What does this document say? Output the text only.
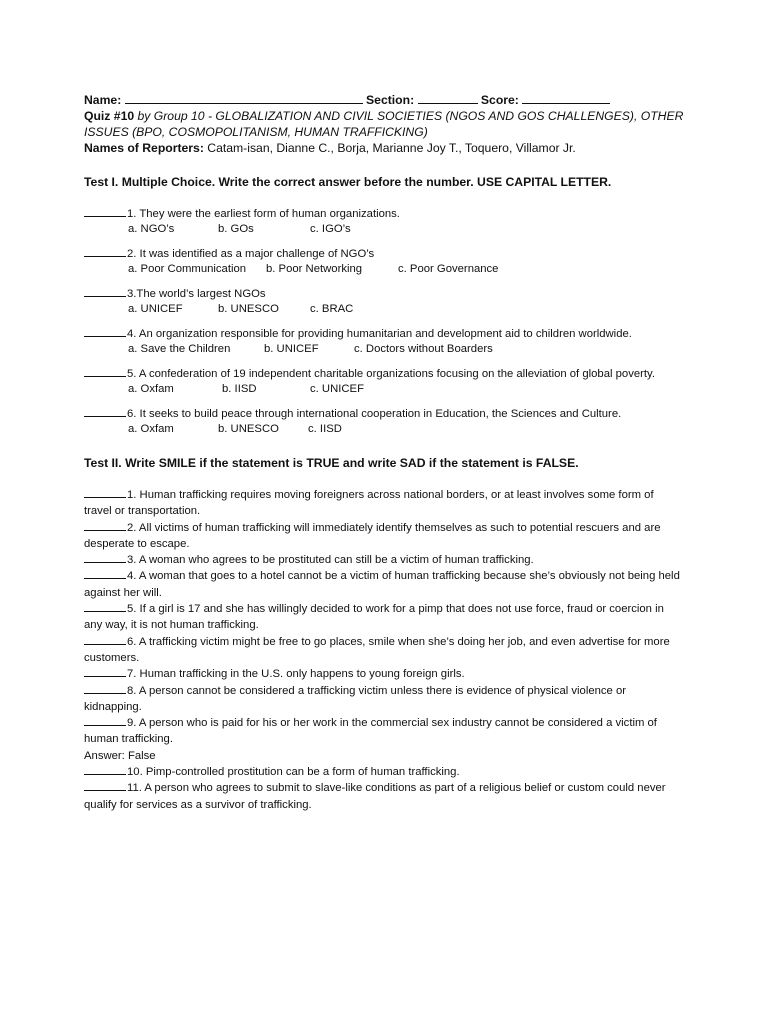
Name:	Section:	Score:
Quiz #10 by Group 10 - GLOBALIZATION AND CIVIL SOCIETIES (NGOS AND GOS CHALLENGES), OTHER ISSUES (BPO, COSMOPOLITANISM, HUMAN TRAFFICKING)
Names of Reporters: Catam-isan, Dianne C., Borja, Marianne Joy T., Toquero, Villamor Jr.
Test I. Multiple Choice. Write the correct answer before the number. USE CAPITAL LETTER.
1. They were the earliest form of human organizations.
a. NGO’s	b. GOs	c. IGO’s
2. It was identified as a major challenge of NGO’s
a. Poor Communication	b. Poor Networking	c. Poor Governance
3.The world’s largest NGOs
a. UNICEF	b. UNESCO	c. BRAC
4. An organization responsible for providing humanitarian and development aid to children worldwide.
a. Save the Children	b. UNICEF	c. Doctors without Boarders
5. A confederation of 19 independent charitable organizations focusing on the alleviation of global poverty.
a. Oxfam	b. IISD	c. UNICEF
6. It seeks to build peace through international cooperation in Education, the Sciences and Culture.
a. Oxfam	b. UNESCO	c. IISD
Test II. Write SMILE if the statement is TRUE and write SAD if the statement is FALSE.
1. Human trafficking requires moving foreigners across national borders, or at least involves some form of
travel or transportation.
2. All victims of human trafficking will immediately identify themselves as such to potential rescuers and are
desperate to escape.
3. A woman who agrees to be prostituted can still be a victim of human trafficking.
4. A woman that goes to a hotel cannot be a victim of human trafficking because she’s obviously not being held
against her will.
5. If a girl is 17 and she has willingly decided to work for a pimp that does not use force, fraud or coercion in
any way, it is not human trafficking.
6. A trafficking victim might be free to go places, smile when she’s doing her job, and even advertise for more
customers.
7. Human trafficking in the U.S. only happens to young foreign girls.
8. A person cannot be considered a trafficking victim unless there is evidence of physical violence or
kidnapping.
9. A person who is paid for his or her work in the commercial sex industry cannot be considered a victim of
human trafficking.
Answer: False
10. Pimp-controlled prostitution can be a form of human trafficking.
11. A person who agrees to submit to slave-like conditions as part of a religious belief or custom could never
qualify for services as a survivor of trafficking.
